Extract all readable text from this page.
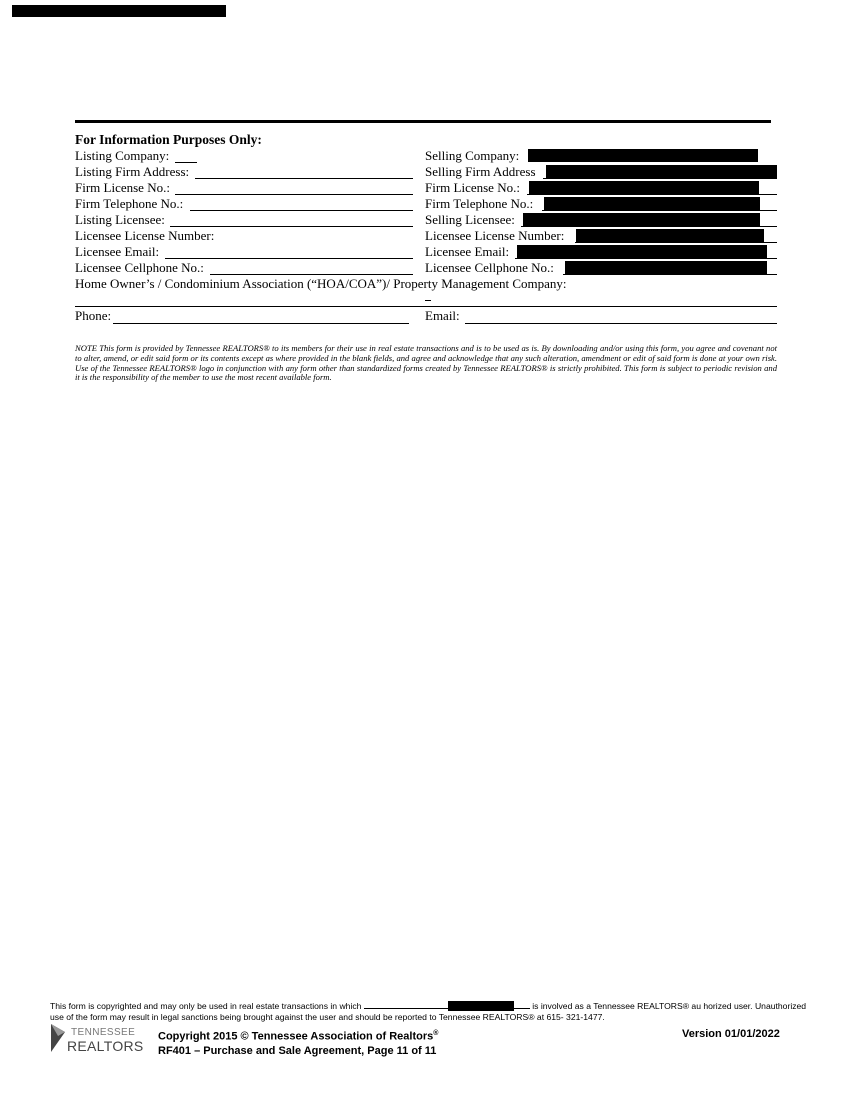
For Information Purposes Only:
Listing Company:
Listing Firm Address:
Firm License No.:
Firm Telephone No.:
Listing Licensee:
Licensee License Number:
Licensee Email:
Licensee Cellphone No.:
Selling Company:
Selling Firm Address
Firm License No.:
Firm Telephone No.:
Selling Licensee:
Licensee License Number:
Licensee Email:
Licensee Cellphone No.:
Home Owner’s / Condominium Association (“HOA/COA”)/ Property Management Company:
Phone:	Email:
NOTE This form is provided by Tennessee REALTORS® to its members for their use in real estate transactions and is to be used as is. By downloading and/or using this form, you agree and covenant not to alter, amend, or edit said form or its contents except as where provided in the blank fields, and agree and acknowledge that any such alteration, amendment or edit of said form is done at your own risk. Use of the Tennessee REALTORS® logo in conjunction with any form other than standardized forms created by Tennessee REALTORS® is strictly prohibited. This form is subject to periodic revision and it is the responsibility of the member to use the most recent available form.
This form is copyrighted and may only be used in real estate transactions in which	is involved as a Tennessee REALTORS® au horized user. Unauthorized use of the form may result in legal sanctions being brought against the user and should be reported to Tennessee REALTORS® at 615- 321-1477.
TENNESSEE
REALTORS
Copyright 2015 © Tennessee Association of Realtors®
RF401 – Purchase and Sale Agreement, Page 11 of 11
Version 01/01/2022
